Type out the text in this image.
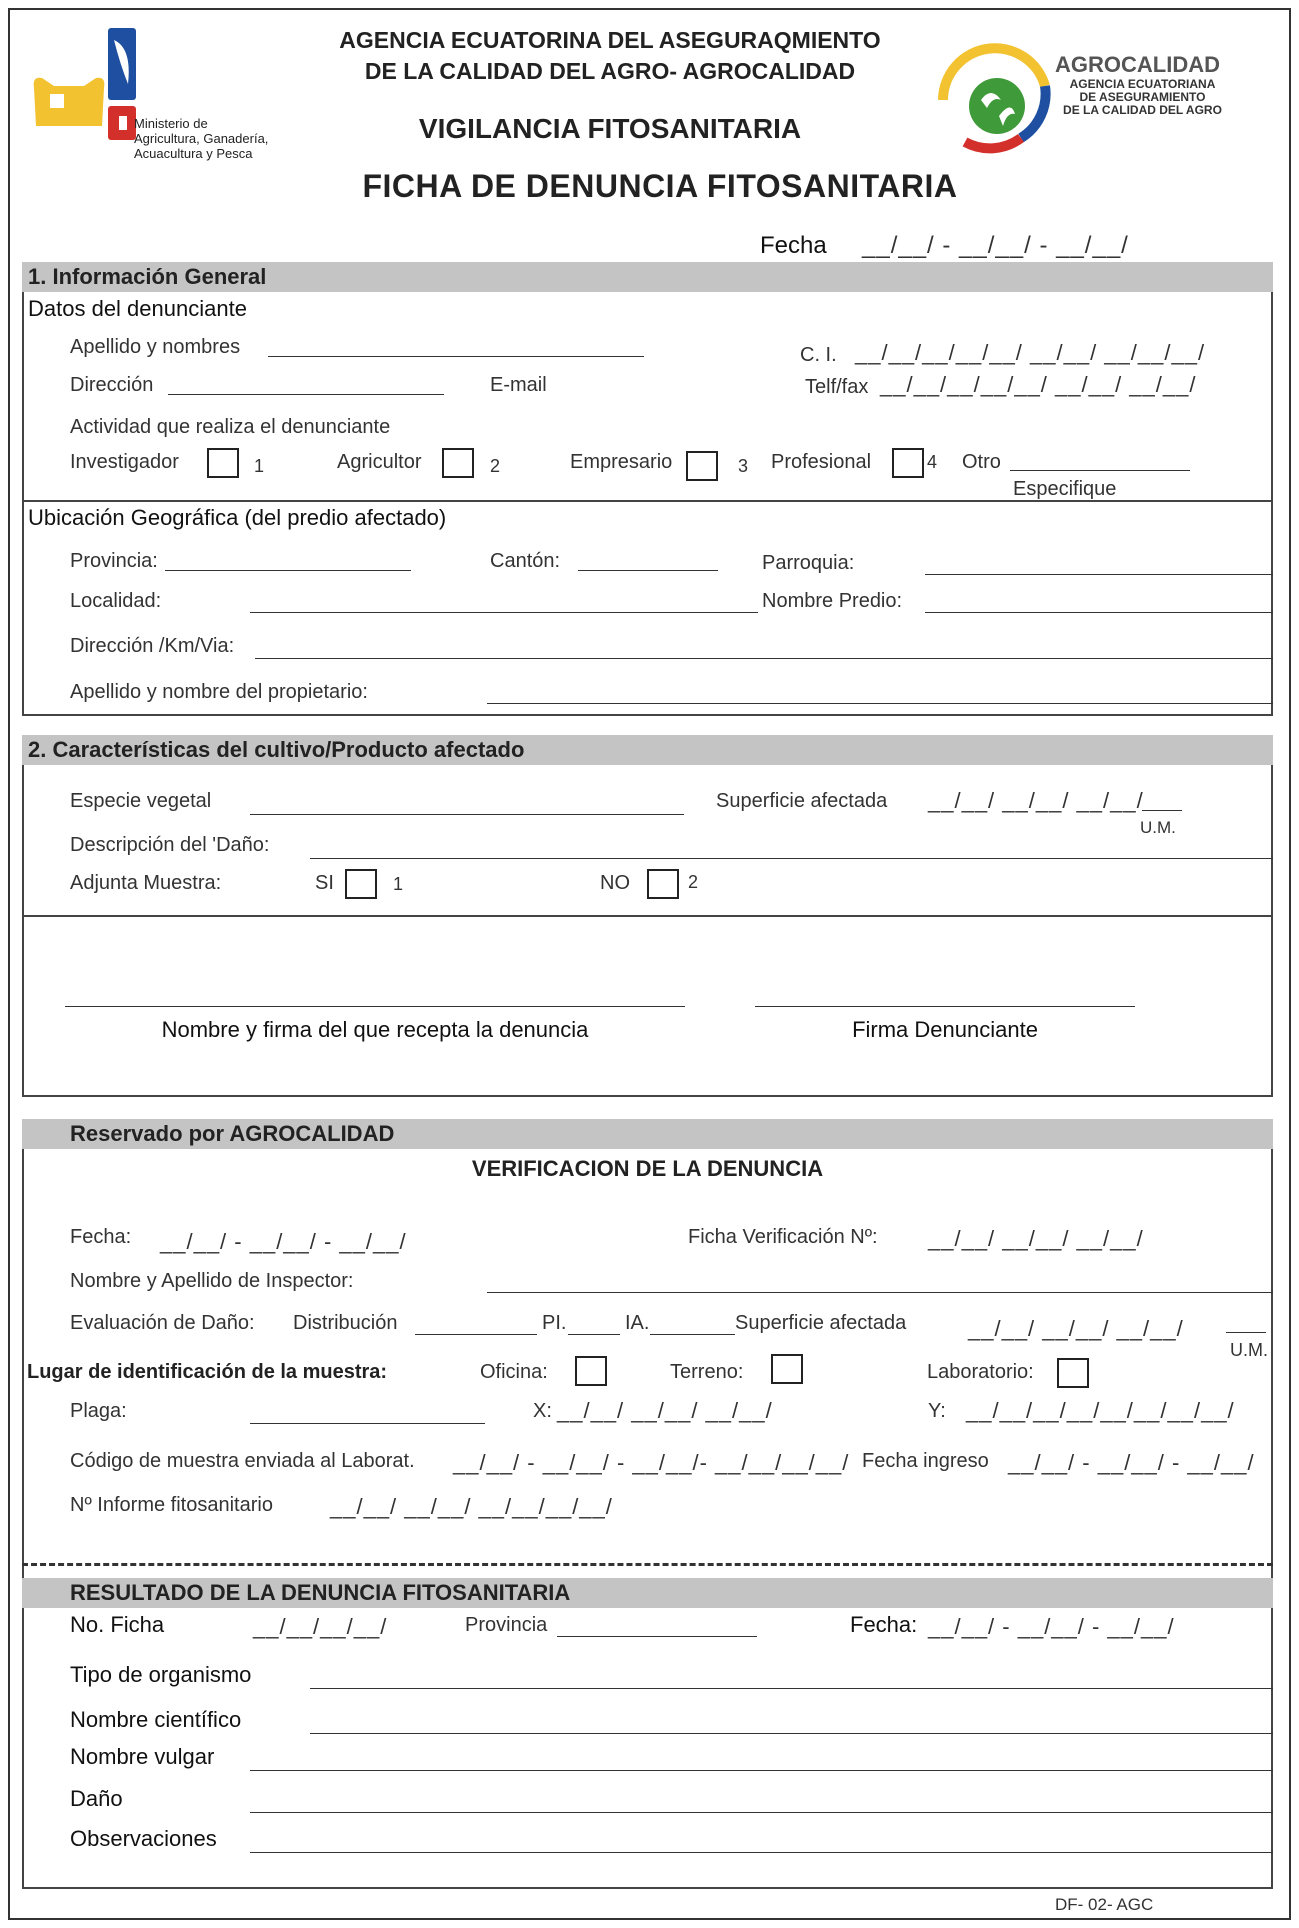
Ministerio de
Agricultura, Ganadería,
Acuacultura y Pesca
AGENCIA ECUATORINA DEL ASEGURAQMIENTO
DE LA CALIDAD DEL AGRO- AGROCALIDAD
VIGILANCIA FITOSANITARIA
FICHA DE DENUNCIA FITOSANITARIA
AGROCALIDAD
AGENCIA ECUATORIANA
DE ASEGURAMIENTO
DE LA CALIDAD DEL AGRO
Fecha __/__/ - __/__/ - __/__/
1. Información General
Datos del denunciante
Apellido y nombres	C. I. __/__/__/__/__/ __/__/ __/__/__/
Dirección	E-mail	Telf/fax __/__/__/__/__/ __/__/ __/__/
Actividad que realiza el denunciante
Investigador	1	Agricultor	2	Empresario	3 Profesional	4 Otro
Especifique
Ubicación Geográfica (del predio afectado)
Provincia:	Cantón:	Parroquia:
Localidad:	Nombre Predio:
Dirección /Km/Via:
Apellido y nombre del propietario:
2. Características del cultivo/Producto afectado
Especie vegetal	Superficie afectada __/__/ __/__/ __/__/
U.M.
Descripción del 'Daño:
Adjunta Muestra:	SI	1	NO	2
Nombre y firma del que recepta la denuncia	Firma Denunciante
Reservado por AGROCALIDAD
VERIFICACION DE LA DENUNCIA
Fecha: __/__/ - __/__/ - __/__/	Ficha Verificación Nº: __/__/ __/__/ __/__/
Nombre y Apellido de Inspector:
Evaluación de Daño: Distribución	PI.	IA.	Superficie afectada	__/__/ __/__/ __/__/
U.M.
Lugar de identificación de la muestra:	Oficina:	Terreno:	Laboratorio:
Plaga:	X: __/__/ __/__/ __/__/	Y: __/__/__/__/__/__/__/__/
Código de muestra enviada al Laborat. __/__/ - __/__/ - __/__/- __/__/__/__/ Fecha ingreso __/__/ - __/__/ - __/__/
Nº Informe fitosanitario	__/__/ __/__/ __/__/__/__/
RESULTADO DE LA DENUNCIA FITOSANITARIA
No. Ficha	__/__/__/__/	Provincia	Fecha: __/__/ - __/__/ - __/__/
Tipo de organismo
Nombre científico
Nombre vulgar
Daño
Observaciones
DF- 02- AGC
